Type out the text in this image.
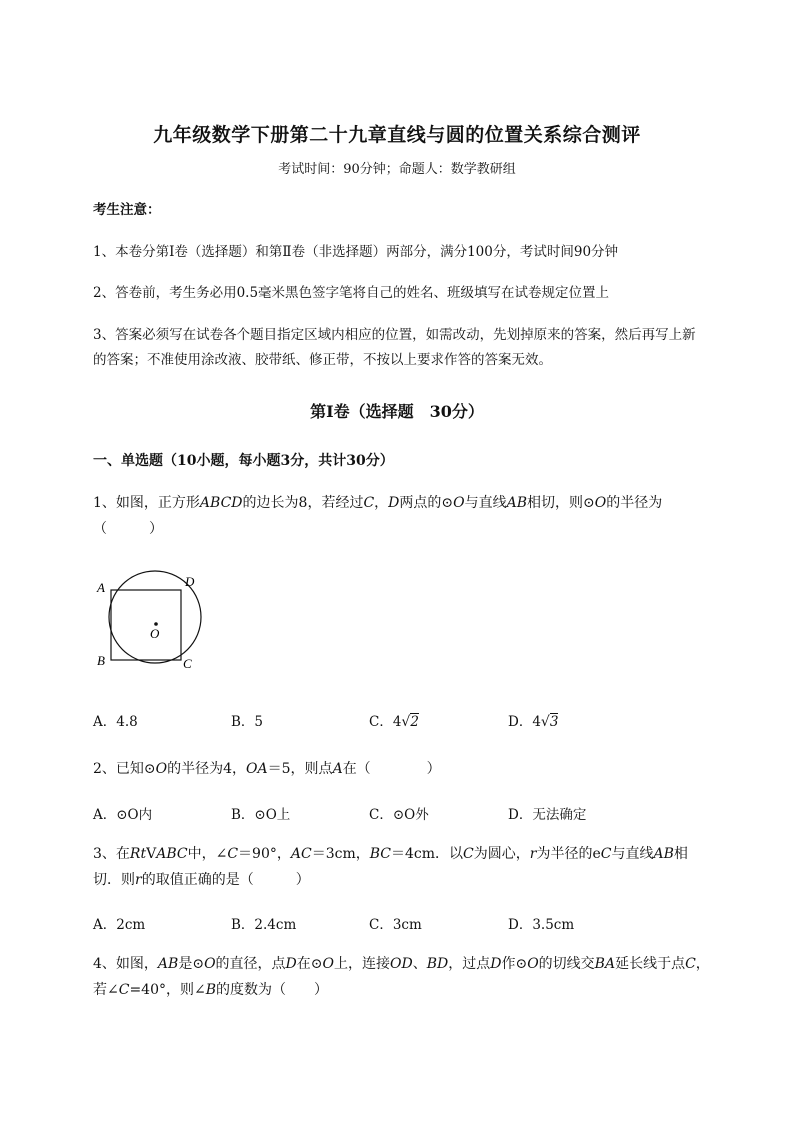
九年级数学下册第二十九章直线与圆的位置关系综合测评
考试时间：90分钟；命题人：数学教研组
考生注意：
1、本卷分第I卷（选择题）和第Ⅱ卷（非选择题）两部分，满分100分，考试时间90分钟
2、答卷前，考生务必用0.5毫米黑色签字笔将自己的姓名、班级填写在试卷规定位置上
3、答案必须写在试卷各个题目指定区域内相应的位置，如需改动，先划掉原来的答案，然后再写上新
的答案；不准使用涂改液、胶带纸、修正带，不按以上要求作答的答案无效。
第I卷（选择题　30分）
一、单选题（10小题，每小题3分，共计30分）
1、如图，正方形ABCD的边长为8，若经过C，D两点的⊙O与直线AB相切，则⊙O的半径为
（　　　）
A
B	C
D
O
A．4.8	B．5	C．4√2	D．4√3
2、已知⊙O的半径为4，OA＝5，则点A在（　　　　）
A．⊙O内	B．⊙O上	C．⊙O外	D．无法确定
3、在RtVABC中，∠C＝90°，AC＝3cm，BC＝4cm．以C为圆心，r为半径的eC与直线AB相
切．则r的取值正确的是（　　　）
A．2cm	B．2.4cm	C．3cm	D．3.5cm
4、如图，AB是⊙O的直径，点D在⊙O上，连接OD、BD，过点D作⊙O的切线交BA延长线于点C，
若∠C=40°，则∠B的度数为（　　）
